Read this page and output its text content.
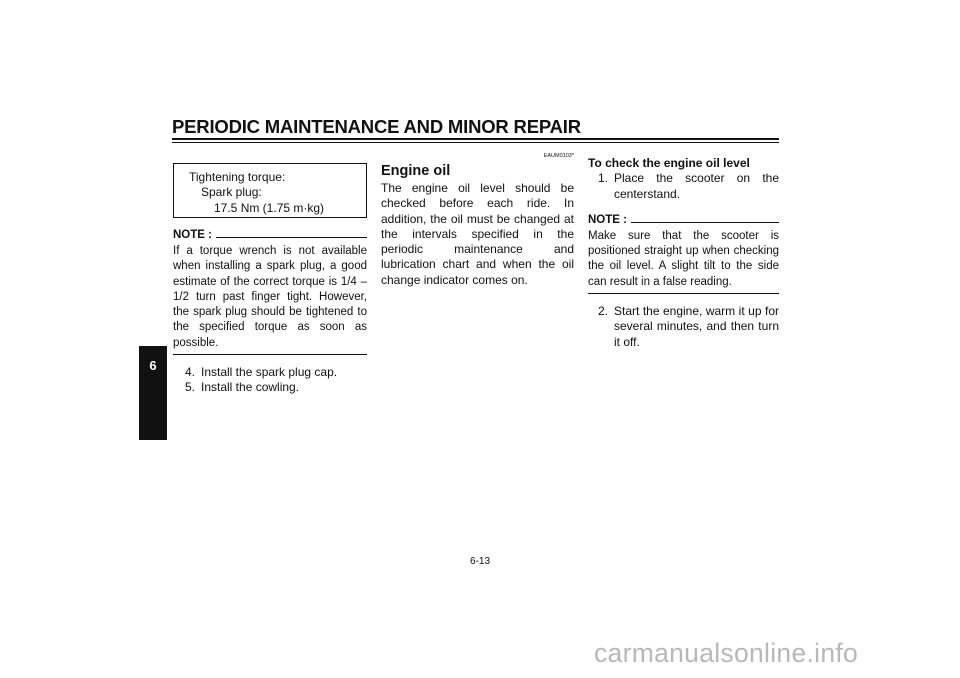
PERIODIC MAINTENANCE AND MINOR REPAIR
6
Tightening torque:
Spark plug:
17.5 Nm (1.75 m·kg)
NOTE :
If a torque wrench is not available when installing a spark plug, a good estimate of the correct torque is 1/4 – 1/2 turn past finger tight. However, the spark plug should be tightened to the specified torque as soon as possible.
4. Install the spark plug cap.
5. Install the cowling.
EAUM0103*
Engine oil
The engine oil level should be checked before each ride. In addition, the oil must be changed at the intervals specified in the periodic maintenance and lubrication chart and when the oil change indicator comes on.
To check the engine oil level
1. Place the scooter on the centerstand.
NOTE :
Make sure that the scooter is positioned straight up when checking the oil level. A slight tilt to the side can result in a false reading.
2. Start the engine, warm it up for several minutes, and then turn it off.
6-13
carmanualsonline.info
